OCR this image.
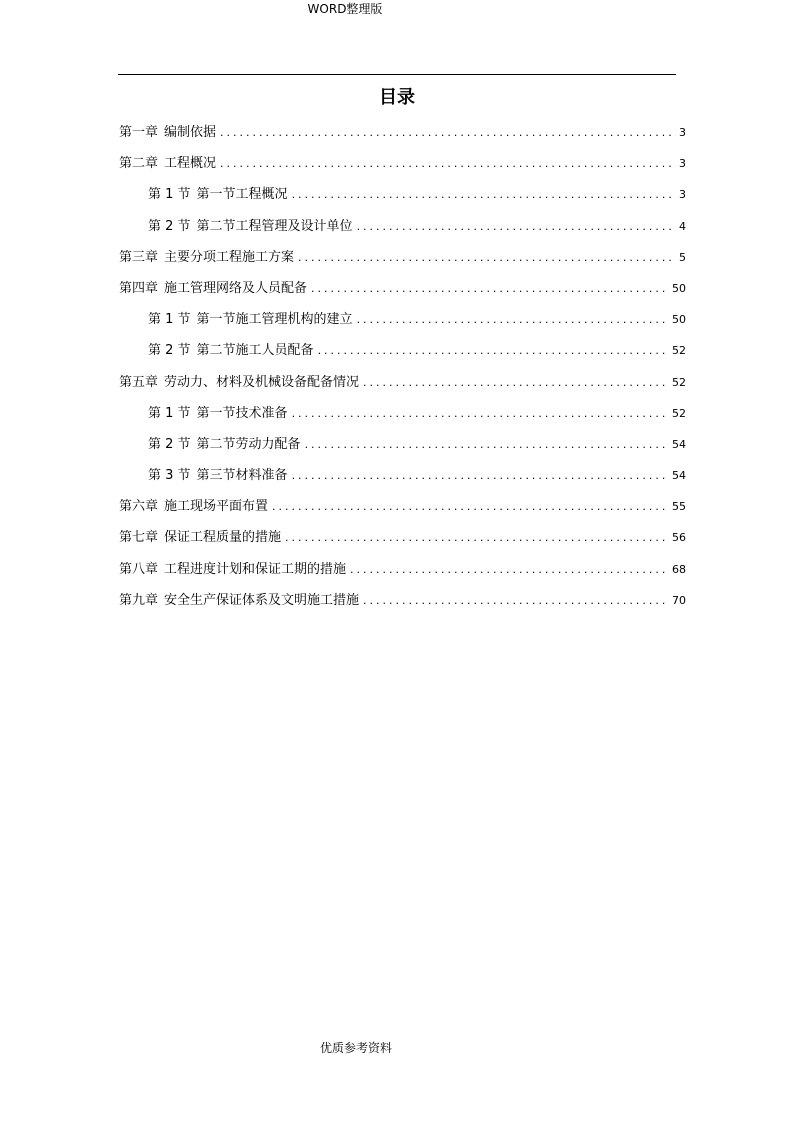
WORD整理版
目录
第一章 编制依据 .....	3
第二章 工程概况 .....	3
第 1 节 第一节工程概况 .....	3
第 2 节 第二节工程管理及设计单位 .....	4
第三章 主要分项工程施工方案 .....	5
第四章 施工管理网络及人员配备 .....	50
第 1 节 第一节施工管理机构的建立 .....	50
第 2 节 第二节施工人员配备 .....	52
第五章 劳动力、材料及机械设备配备情况 .....	52
第 1 节 第一节技术准备 .....	52
第 2 节 第二节劳动力配备 .....	54
第 3 节 第三节材料准备 .....	54
第六章 施工现场平面布置 .....	55
第七章 保证工程质量的措施 .....	56
第八章 工程进度计划和保证工期的措施 .....	68
第九章 安全生产保证体系及文明施工措施 .....	70
优质参考资料
